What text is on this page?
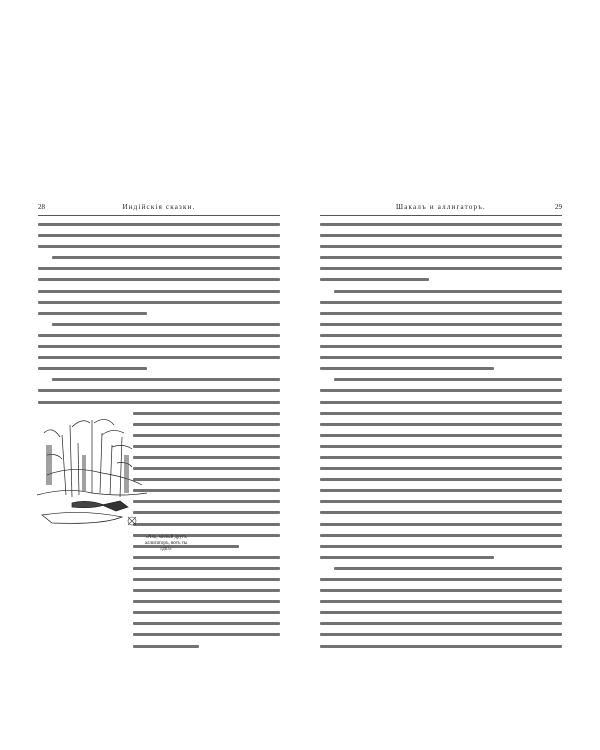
28	Индійскія сказки.
«Ахъ, милый другъ
аллигаторъ, вотъ ты
гдѣ!»
Шакалъ и аллигаторъ.	29
